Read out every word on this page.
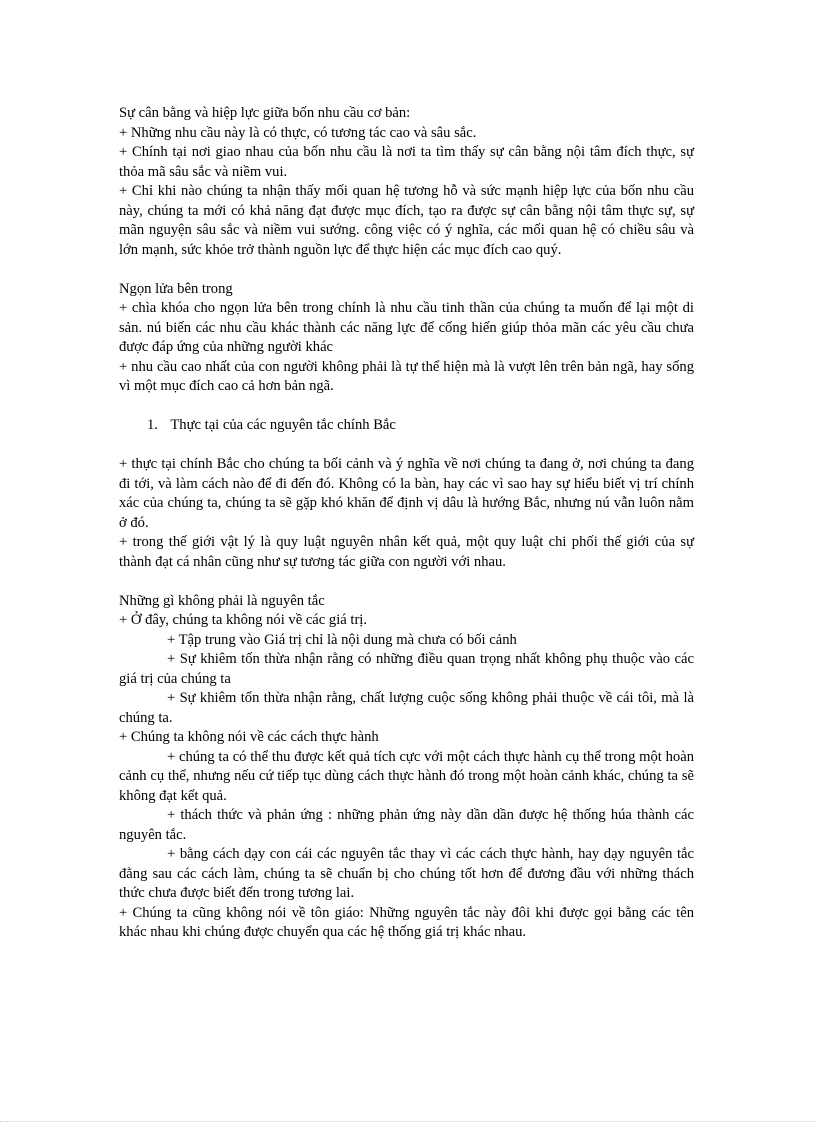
Sự cân bằng và hiệp lực giữa bốn nhu cầu cơ bản:

+ Những nhu cầu này là có thực, có tương tác cao và sâu sắc.

+ Chính tại nơi giao nhau của bốn nhu cầu là nơi ta tìm thấy sự cân bằng nội tâm đích thực, sự thỏa mã sâu sắc và niềm vui.

+ Chỉ khi nào chúng ta nhận thấy mối quan hệ tương hỗ và sức mạnh hiệp lực của bốn nhu cầu này, chúng ta mới có khả năng đạt được mục đích, tạo ra được sự cân bằng nội tâm thực sự, sự mãn nguyện sâu sắc và niềm vui sướng. công việc có ý nghĩa, các mối quan hệ có chiều sâu và lớn mạnh, sức khỏe trở thành nguồn lực để thực hiện các mục đích cao quý.

Ngọn lửa bên trong

+ chìa khóa cho ngọn lửa bên trong chính là nhu cầu tinh thần của chúng ta muốn để lại một di sản. nú biến các nhu cầu khác thành các năng lực để cống hiến giúp thỏa mãn các yêu cầu chưa được đáp ứng của những người khác

+ nhu cầu cao nhất của con người không phải là tự thể hiện mà là vượt lên trên bản ngã, hay sống vì một mục đích cao cả hơn bản ngã.

1. Thực tại của các nguyên tắc chính Bắc

+ thực tại chính Bắc cho chúng ta bối cảnh và ý nghĩa về nơi chúng ta đang ở, nơi chúng ta đang đi tới, và làm cách nào để đi đến đó. Không có la bàn, hay các vì sao hay sự hiểu biết vị trí chính xác của chúng ta, chúng ta sẽ gặp khó khăn để định vị dâu là hướng Bắc, nhưng nú vẫn luôn nằm ở đó.

+ trong thế giới vật lý là quy luật nguyên nhân kết quả, một quy luật chi phối thế giới của sự thành đạt cá nhân cũng như sự tương tác giữa con người với nhau.

Những gì không phải là nguyên tắc

+ Ở đây, chúng ta không nói về các giá trị.

+ Tập trung vào Giá trị chỉ là nội dung mà chưa có bối cảnh

+ Sự khiêm tốn thừa nhận rằng có những điều quan trọng nhất không phụ thuộc vào các giá trị của chúng ta

+ Sự khiêm tốn thừa nhận rằng, chất lượng cuộc sống không phải thuộc về cái tôi, mà là chúng ta.

+ Chúng ta không nói về các cách thực hành

+ chúng ta có thể thu được kết quả tích cực với một cách thực hành cụ thể trong một hoàn cảnh cụ thể, nhưng nếu cứ tiếp tục dùng cách thực hành đó trong một hoàn cảnh khác, chúng ta sẽ không đạt kết quả.

+ thách thức và phản ứng : những phản ứng này dần dần được hệ thống húa thành các nguyên tắc.

+ bằng cách dạy con cái các nguyên tắc thay vì các cách thực hành, hay dạy nguyên tắc đằng sau các cách làm, chúng ta sẽ chuẩn bị cho chúng tốt hơn để đương đầu với những thách thức chưa được biết đến trong tương lai.

+ Chúng ta cũng không nói về tôn giáo: Những nguyên tắc này đôi khi được gọi bằng các tên khác nhau khi chúng được chuyển qua các hệ thống giá trị khác nhau.
